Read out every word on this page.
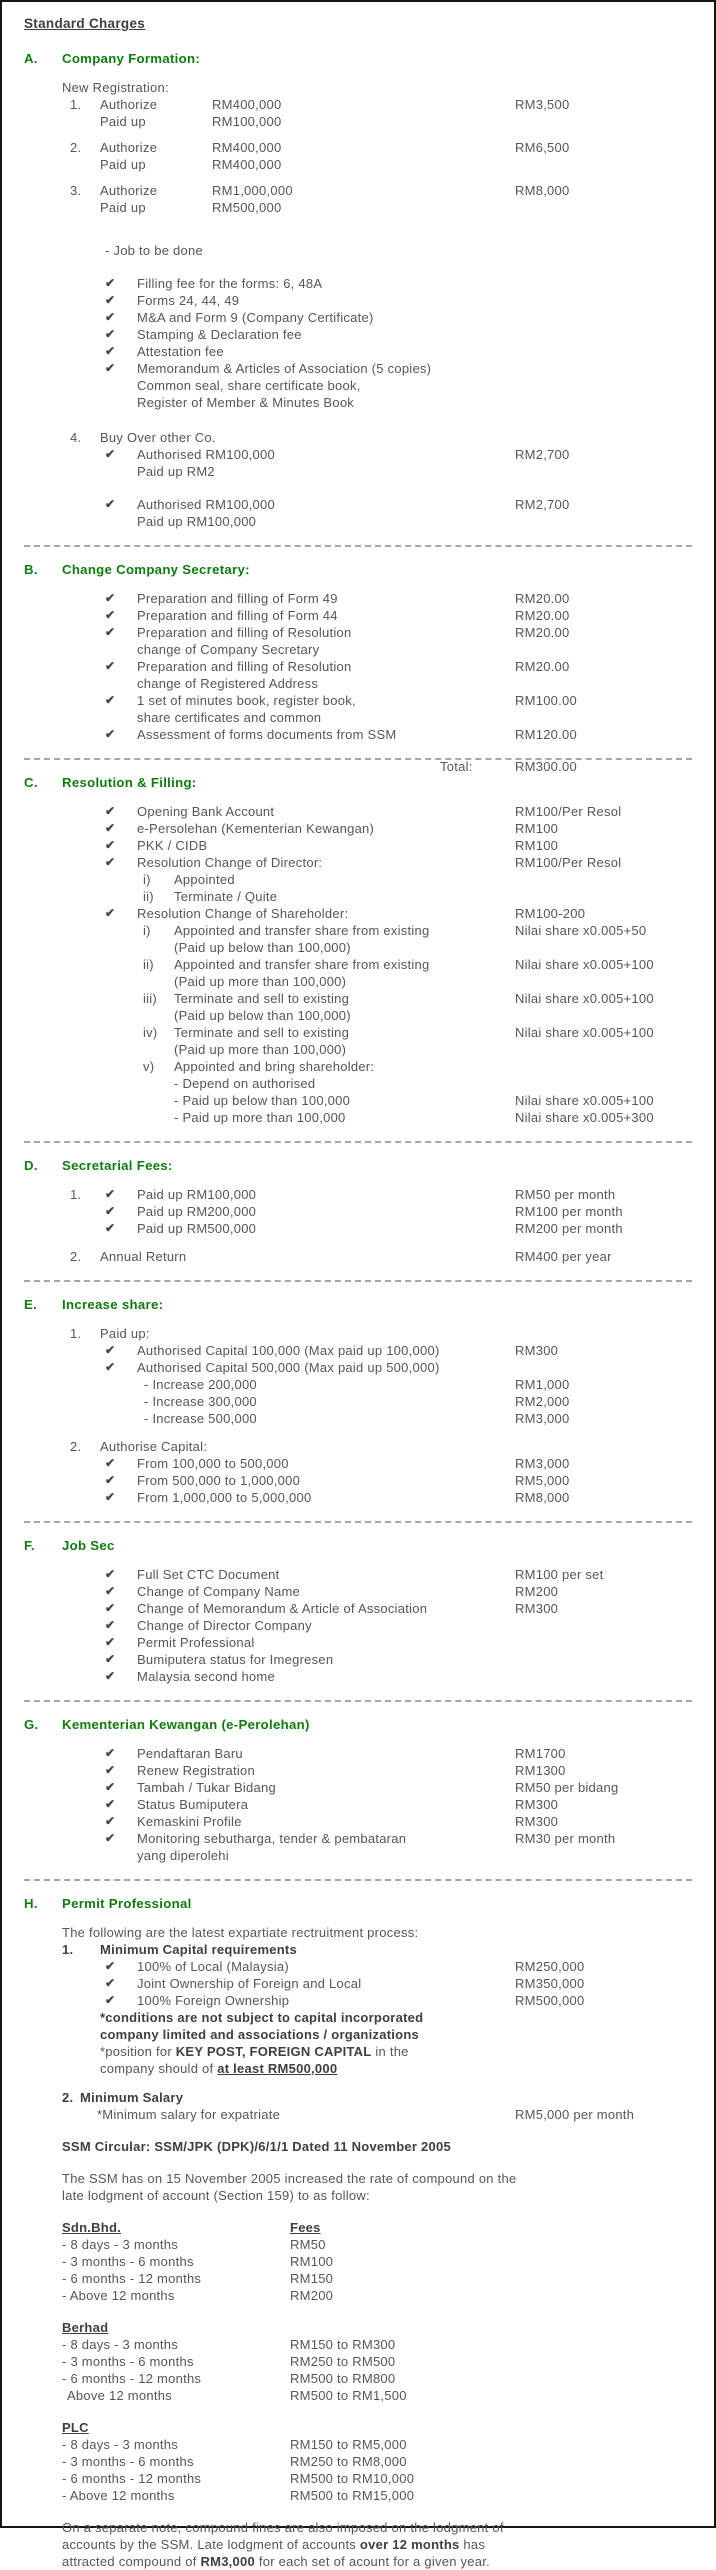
Standard Charges
A. Company Formation:
New Registration:
1. Authorize	RM400,000	RM3,500
Paid up	RM100,000
2. Authorize	RM400,000	RM6,500
Paid up	RM400,000
3. Authorize	RM1,000,000	RM8,000
Paid up	RM500,000
- Job to be done
✔ Filling fee for the forms: 6, 48A
✔ Forms 24, 44, 49
✔ M&A and Form 9 (Company Certificate)
✔ Stamping & Declaration fee
✔ Attestation fee
✔ Memorandum & Articles of Association (5 copies)
Common seal, share certificate book,
Register of Member & Minutes Book
4. Buy Over other Co.
✔ Authorised RM100,000	RM2,700
Paid up RM2
✔ Authorised RM100,000	RM2,700
Paid up RM100,000
B. Change Company Secretary:
✔ Preparation and filling of Form 49	RM20.00
✔ Preparation and filling of Form 44	RM20.00
✔ Preparation and filling of Resolution	RM20.00
change of Company Secretary
✔ Preparation and filling of Resolution	RM20.00
change of Registered Address
✔ 1 set of minutes book, register book,	RM100.00
share certificates and common
✔ Assessment of forms documents from SSM	RM120.00
Total:	RM300.00
C. Resolution & Filling:
✔ Opening Bank Account	RM100/Per Resol
✔ e-Persolehan (Kementerian Kewangan)	RM100
✔ PKK / CIDB	RM100
✔ Resolution Change of Director:	RM100/Per Resol
i) Appointed
ii) Terminate / Quite
✔ Resolution Change of Shareholder:	RM100-200
i) Appointed and transfer share from existing	Nilai share x0.005+50
(Paid up below than 100,000)
ii) Appointed and transfer share from existing	Nilai share x0.005+100
(Paid up more than 100,000)
iii) Terminate and sell to existing	Nilai share x0.005+100
(Paid up below than 100,000)
iv) Terminate and sell to existing	Nilai share x0.005+100
(Paid up more than 100,000)
v) Appointed and bring shareholder:
- Depend on authorised
- Paid up below than 100,000	Nilai share x0.005+100
- Paid up more than 100,000	Nilai share x0.005+300
D. Secretarial Fees:
1. ✔ Paid up RM100,000	RM50 per month
✔ Paid up RM200,000	RM100 per month
✔ Paid up RM500,000	RM200 per month
2. Annual Return	RM400 per year
E. Increase share:
1. Paid up:
✔ Authorised Capital 100,000 (Max paid up 100,000)	RM300
✔ Authorised Capital 500,000 (Max paid up 500,000)
- Increase 200,000	RM1,000
- Increase 300,000	RM2,000
- Increase 500,000	RM3,000
2. Authorise Capital:
✔ From 100,000 to 500,000	RM3,000
✔ From 500,000 to 1,000,000	RM5,000
✔ From 1,000,000 to 5,000,000	RM8,000
F. Job Sec
✔ Full Set CTC Document	RM100 per set
✔ Change of Company Name	RM200
✔ Change of Memorandum & Article of Association	RM300
✔ Change of Director Company
✔ Permit Professional
✔ Bumiputera status for Imegresen
✔ Malaysia second home
G. Kementerian Kewangan (e-Perolehan)
✔ Pendaftaran Baru	RM1700
✔ Renew Registration	RM1300
✔ Tambah / Tukar Bidang	RM50 per bidang
✔ Status Bumiputera	RM300
✔ Kemaskini Profile	RM300
✔ Monitoring sebutharga, tender & pembataran	RM30 per month
yang diperolehi
H. Permit Professional
The following are the latest expartiate rectruitment process:
1. Minimum Capital requirements
✔ 100% of Local (Malaysia)	RM250,000
✔ Joint Ownership of Foreign and Local	RM350,000
✔ 100% Foreign Ownership	RM500,000
*conditions are not subject to capital incorporated
company limited and associations / organizations
*position for KEY POST, FOREIGN CAPITAL in the
company should of at least RM500,000
2. Minimum Salary
*Minimum salary for expatriate	RM5,000 per month
SSM Circular: SSM/JPK (DPK)/6/1/1 Dated 11 November 2005
The SSM has on 15 November 2005 increased the rate of compound on the
late lodgment of account (Section 159) to as follow:
Sdn.Bhd.	Fees
- 8 days - 3 months	RM50
- 3 months - 6 months	RM100
- 6 months - 12 months	RM150
- Above 12 months	RM200
Berhad
- 8 days - 3 months	RM150 to RM300
- 3 months - 6 months	RM250 to RM500
- 6 months - 12 months	RM500 to RM800
Above 12 months	RM500 to RM1,500
PLC
- 8 days - 3 months	RM150 to RM5,000
- 3 months - 6 months	RM250 to RM8,000
- 6 months - 12 months	RM500 to RM10,000
- Above 12 months	RM500 to RM15,000
On a separate note, compound fines are also imposed on the lodgment of
accounts by the SSM. Late lodgment of accounts over 12 months has
attracted compound of RM3,000 for each set of acount for a given year.
